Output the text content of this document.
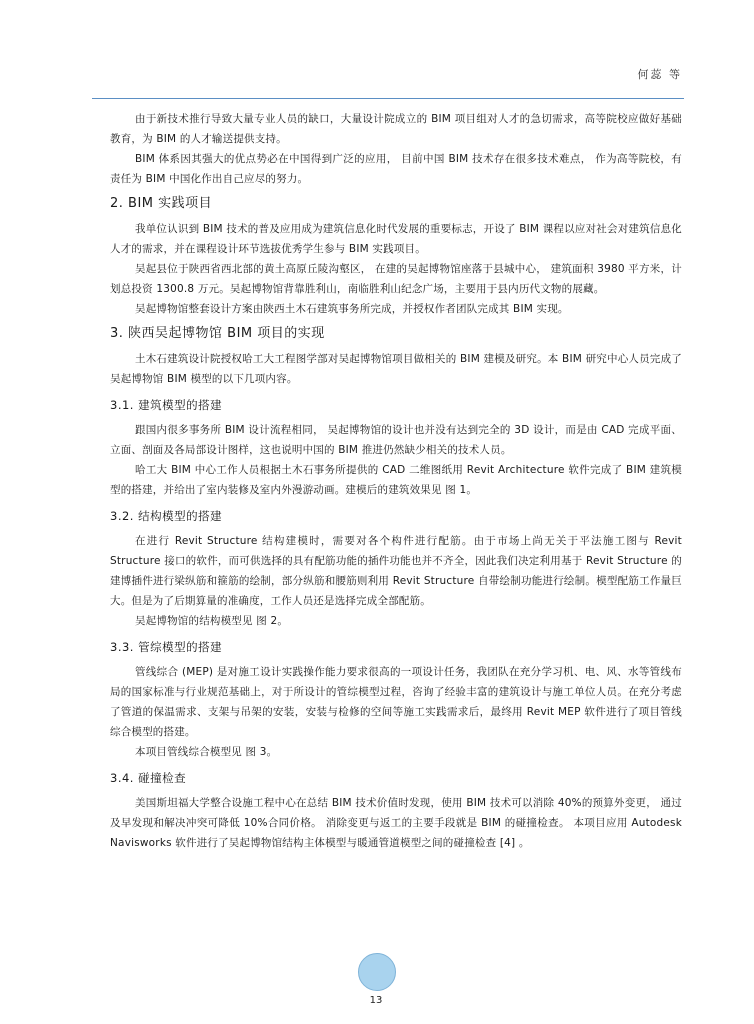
何蕊 等

由于新技术推行导致大量专业人员的缺口，大量设计院成立的 BIM 项目组对人才的急切需求，高等院校应做好基础教育，为 BIM 的人才输送提供支持。

BIM 体系因其强大的优点势必在中国得到广泛的应用， 目前中国 BIM 技术存在很多技术难点， 作为高等院校，有责任为 BIM 中国化作出自己应尽的努力。

2. BIM 实践项目

我单位认识到 BIM 技术的普及应用成为建筑信息化时代发展的重要标志，开设了 BIM 课程以应对社会对建筑信息化人才的需求，并在课程设计环节选拔优秀学生参与 BIM 实践项目。

吴起县位于陕西省西北部的黄土高原丘陵沟壑区， 在建的吴起博物馆座落于县城中心， 建筑面积 3980 平方米，计划总投资 1300.8 万元。吴起博物馆背靠胜利山，南临胜利山纪念广场，主要用于县内历代文物的展藏。

吴起博物馆整套设计方案由陕西土木石建筑事务所完成，并授权作者团队完成其 BIM 实现。

3. 陕西吴起博物馆 BIM 项目的实现

土木石建筑设计院授权哈工大工程图学部对吴起博物馆项目做相关的 BIM 建模及研究。本 BIM 研究中心人员完成了吴起博物馆 BIM 模型的以下几项内容。

3.1. 建筑模型的搭建

跟国内很多事务所 BIM 设计流程相同， 吴起博物馆的设计也并没有达到完全的 3D 设计，而是由 CAD 完成平面、立面、剖面及各局部设计图样，这也说明中国的 BIM 推进仍然缺少相关的技术人员。

哈工大 BIM 中心工作人员根据土木石事务所提供的 CAD 二维图纸用 Revit Architecture 软件完成了 BIM 建筑模型的搭建，并给出了室内装修及室内外漫游动画。建模后的建筑效果见 图 1。

3.2. 结构模型的搭建

在进行 Revit Structure 结构建模时，需要对各个构件进行配筋。由于市场上尚无关于平法施工图与 Revit Structure 接口的软件，而可供选择的具有配筋功能的插件功能也并不齐全，因此我们决定利用基于 Revit Structure 的建博插件进行梁纵筋和箍筋的绘制，部分纵筋和腰筋则利用 Revit Structure 自带绘制功能进行绘制。模型配筋工作量巨大。但是为了后期算量的准确度，工作人员还是选择完成全部配筋。

吴起博物馆的结构模型见 图 2。

3.3. 管综模型的搭建

管线综合 (MEP) 是对施工设计实践操作能力要求很高的一项设计任务，我团队在充分学习机、电、风、水等管线布局的国家标准与行业规范基础上，对于所设计的管综模型过程，咨询了经验丰富的建筑设计与施工单位人员。在充分考虑了管道的保温需求、支架与吊架的安装，安装与检修的空间等施工实践需求后，最终用 Revit MEP 软件进行了项目管线综合模型的搭建。

本项目管线综合模型见 图 3。

3.4. 碰撞检查

美国斯坦福大学整合设施工程中心在总结 BIM 技术价值时发现，使用 BIM 技术可以消除 40%的预算外变更， 通过及早发现和解决冲突可降低 10%合同价格。 消除变更与返工的主要手段就是 BIM 的碰撞检查。 本项目应用 Autodesk Navisworks 软件进行了吴起博物馆结构主体模型与暖通管道模型之间的碰撞检查 [4] 。

13
